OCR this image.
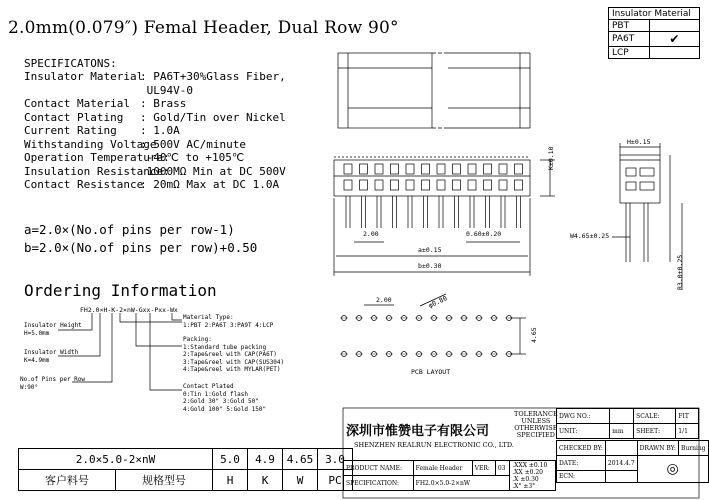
2.0mm(0.079″) Femal Header, Dual Row 90°
Insulator Material	
PBT	
PA6T	✔
LCP	
SPECIFICATONS:
Insulator Material: PA6T+30%Glass Fiber,
UL94V-0
Contact Material : Brass
Contact Plating : Gold/Tin over Nickel
Current Rating : 1.0A
Withstanding Voltage: 500V AC/minute
Operation Temperature: -40℃ to +105℃
Insulation Resistance: 1000MΩ Min at DC 500V
Contact Resistance: 20mΩ Max at DC 1.0A
a=2.0×(No.of pins per row-1)
b=2.0×(No.of pins per row)+0.50
Ordering Information
FH2.0×H-K-2×nW-Gxx-Pxx-Wx
Insulator Height
H=5.0mm
Insulator Width
K=4.9mm
No.of Pins per Row
W:90°
Material Type:
1:PBT 2:PA6T 3:PA9T 4:LCP
Packing:
1:Standard tube packing
2:Tape&reel with CAP(PA6T)
3:Tape&reel with CAP(SUS304)
4:Tape&reel with MYLAR(PET)
Contact Plated
0:Tin 1:Gold flash
2:Gold 30" 3:Gold 50"
4:Gold 100" 5:Gold 150"
K±0.10
2.00	0.60±0.20
a±0.15
b±0.30
H±0.15
W4.65±0.25
R3.0+0.25
2.00	φ0.80
4.65
PCB LAYOUT
2.0×5.0-2×nW		5.0	4.9	4.65	3.0
客户料号	规格型号	H	K	W	PC
深圳市惟赞电子有限公司
SHENZHEN REALRUN ELECTRONIC CO., LTD.
TOLERANCE
UNLESS
OTHERWISE
SPECIFIED
DWG NO.:		SCALE:	FIT
UNIT:	mm	SHEET:	1/1
PRODUCT NAME:	Female Header	VER:	03	.XXX ±0.10
.XX ±0.20
.X ±0.30
.X° ±3°

SPECIFICATION:	FH2.0×5.0-2×nW			
CHECKED BY:		DRAWN BY:	Burning
DATE:	2014.4.7	◎	
ECN:			
